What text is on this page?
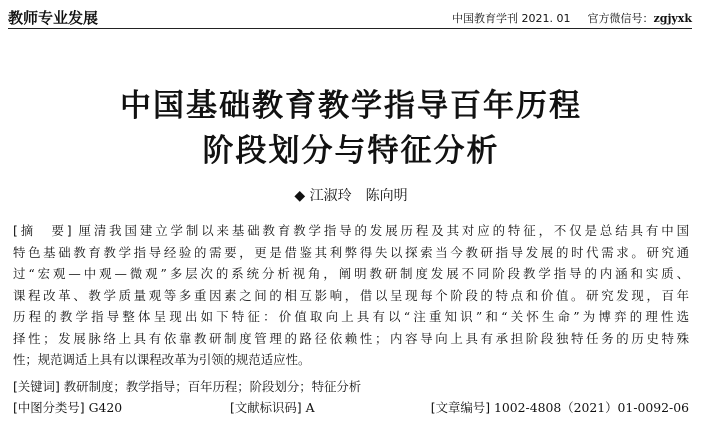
教师专业发展	中国教育学刊 2021. 01 官方微信号：zgjyxk
中国基础教育教学指导百年历程
阶段划分与特征分析
◆ 江淑玲 陈向明
[摘　要] 厘清我国建立学制以来基础教育教学指导的发展历程及其对应的特征，不仅是总结具有中国
特色基础教育教学指导经验的需要，更是借鉴其利弊得失以探索当今教研指导发展的时代需求。研究通
过“宏观—中观—微观”多层次的系统分析视角，阐明教研制度发展不同阶段教学指导的内涵和实质、
课程改革、教学质量观等多重因素之间的相互影响，借以呈现每个阶段的特点和价值。研究发现，百年
历程的教学指导整体呈现出如下特征：价值取向上具有以“注重知识”和“关怀生命”为博弈的理性选
择性；发展脉络上具有依靠教研制度管理的路径依赖性；内容导向上具有承担阶段独特任务的历史特殊
性；规范调适上具有以课程改革为引领的规范适应性。
[关键词] 教研制度；教学指导；百年历程；阶段划分；特征分析
[中图分类号] G420	[文献标识码] A	[文章编号] 1002-4808（2021）01-0092-06
